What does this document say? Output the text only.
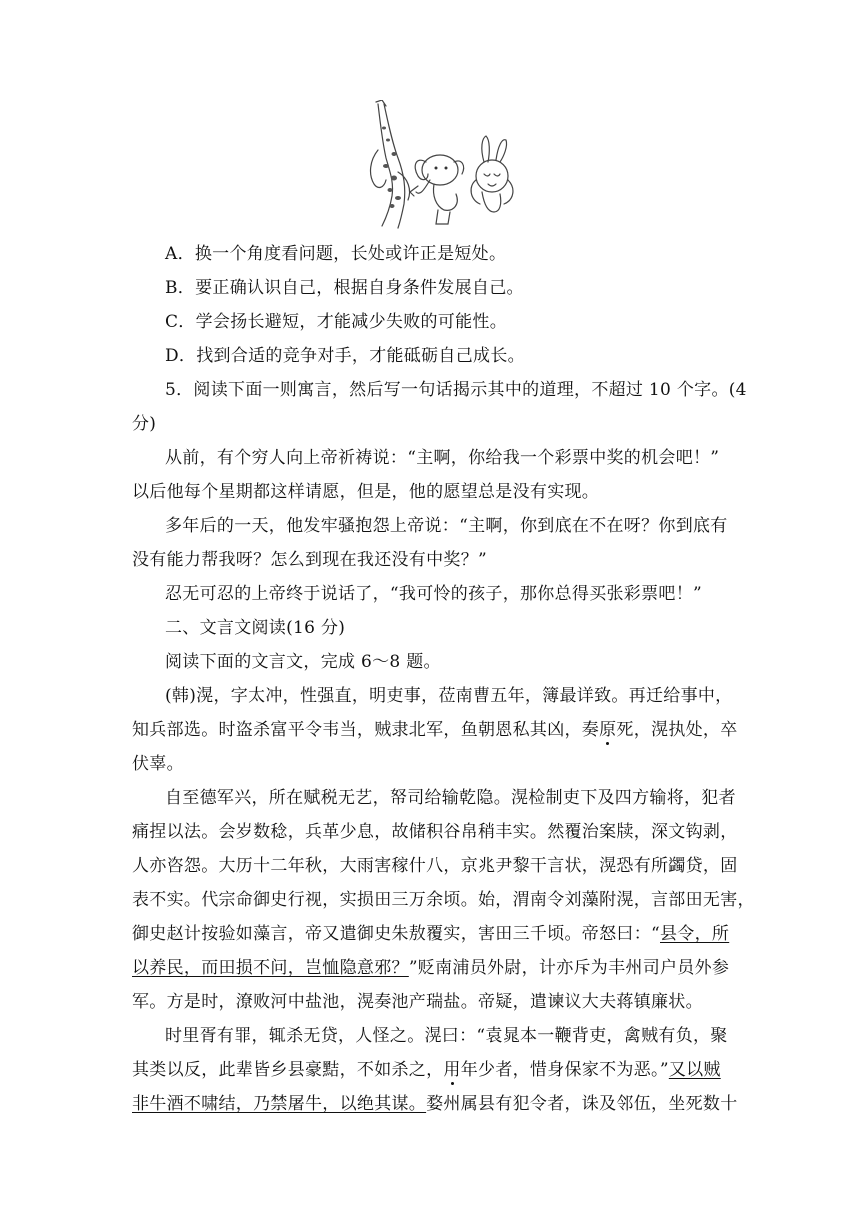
A．换一个角度看问题，长处或许正是短处。
B．要正确认识自己，根据自身条件发展自己。
C．学会扬长避短，才能减少失败的可能性。
D．找到合适的竞争对手，才能砥砺自己成长。
5．阅读下面一则寓言，然后写一句话揭示其中的道理，不超过 10 个字。(4
分)
从前，有个穷人向上帝祈祷说：“主啊，你给我一个彩票中奖的机会吧！”
以后他每个星期都这样请愿，但是，他的愿望总是没有实现。
多年后的一天，他发牢骚抱怨上帝说：“主啊，你到底在不在呀？你到底有
没有能力帮我呀？怎么到现在我还没有中奖？”
忍无可忍的上帝终于说话了，“我可怜的孩子，那你总得买张彩票吧！”
二、文言文阅读(16 分)
阅读下面的文言文，完成 6～8 题。
(韩)滉，字太冲，性强直，明吏事，莅南曹五年，簿最详致。再迁给事中，
知兵部选。时盗杀富平令韦当，贼隶北军，鱼朝恩私其凶，奏原死，滉执处，卒
伏辜。
自至德军兴，所在赋税无艺，帑司给输乾隐。滉检制吏下及四方输将，犯者
痛捏以法。会岁数稔，兵革少息，故储积谷帛稍丰实。然覆治案牍，深文钩剥，
人亦咨怨。大历十二年秋，大雨害稼什八，京兆尹黎干言状，滉恐有所蠲贷，固
表不实。代宗命御史行视，实损田三万余顷。始，渭南令刘藻附滉，言部田无害，
御史赵计按验如藻言，帝又遣御史朱敖覆实，害田三千顷。帝怒曰：“县令，所
以养民，而田损不问，岂恤隐意邪？”贬南浦员外尉，计亦斥为丰州司户员外参
军。方是时，潦败河中盐池，滉奏池产瑞盐。帝疑，遣谏议大夫蒋镇廉状。
时里胥有罪，辄杀无贷，人怪之。滉曰：“袁晁本一鞭背吏，禽贼有负，聚
其类以反，此辈皆乡县豪黠，不如杀之，用年少者，惜身保家不为恶。”又以贼
非牛酒不啸结，乃禁屠牛，以绝其谋。婺州属县有犯令者，诛及邻伍，坐死数十
